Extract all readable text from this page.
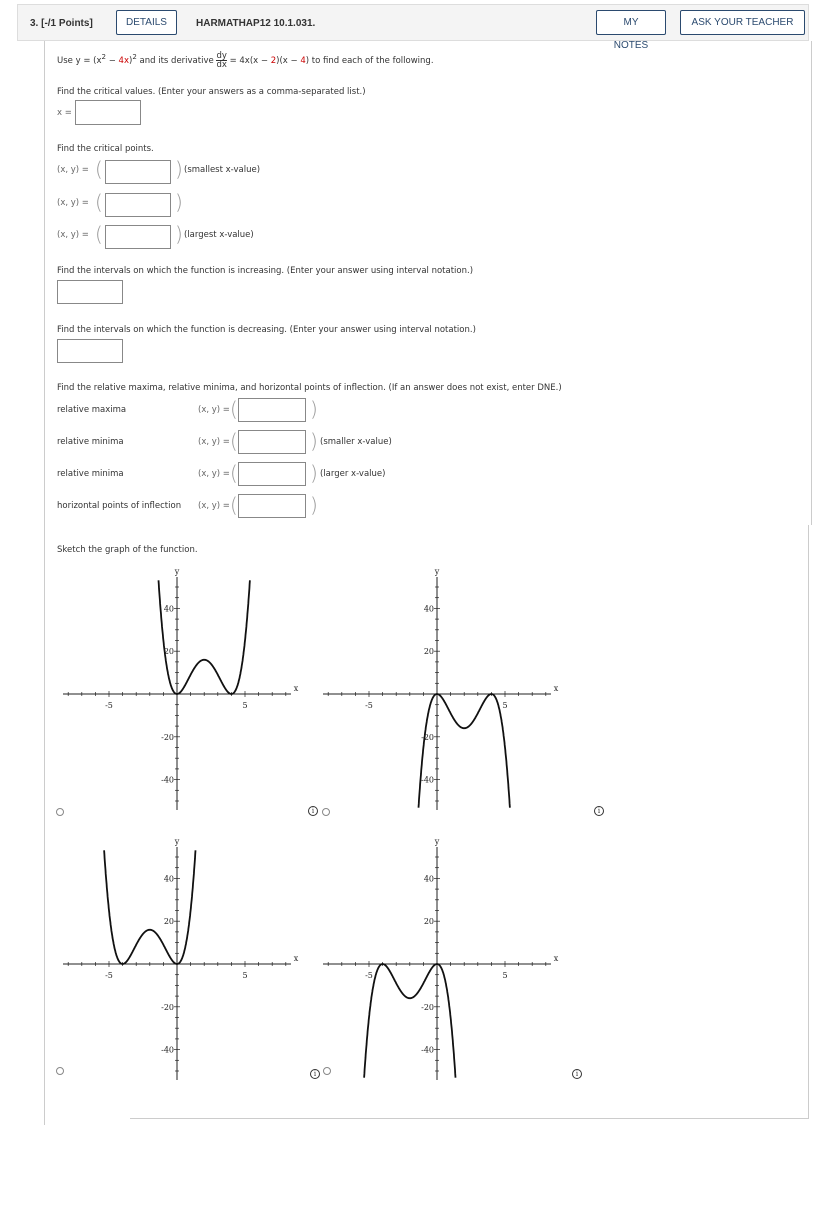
3. [-/1 Points]	DETAILS	HARMATHAP12 10.1.031.	MY NOTES
ASK YOUR TEACHER
Use $y = (x^2 - 4x)^2$ and its derivative $\frac{dy}{dx} = 4x(x - 2)(x - 4)$ to find each of the following.
Find the critical values. (Enter your answers as a comma-separated list.)
x =
Find the critical points.
(x, y) = (	) (smallest x-value)
(x, y) = (	)
(x, y) = (	) (largest x-value)
Find the intervals on which the function is increasing. (Enter your answer using interval notation.)
Find the intervals on which the function is decreasing. (Enter your answer using interval notation.)
Find the relative maxima, relative minima, and horizontal points of inflection. (If an answer does not exist, enter DNE.)
relative maxima	(x, y) = (	)
relative minima	(x, y) = (	) (smaller x-value)
relative minima	(x, y) = (	) (larger x-value)
horizontal points of inflection (x, y) = (	)
Sketch the graph of the function.
x
y
-5	5
40
20
-20
-40
x
y
-5	5
40
20
-20
-40
x
y
-5	5
40
20
-20
-40
x
y
-5	5
40
20
-20
-40
i	i
i	i
